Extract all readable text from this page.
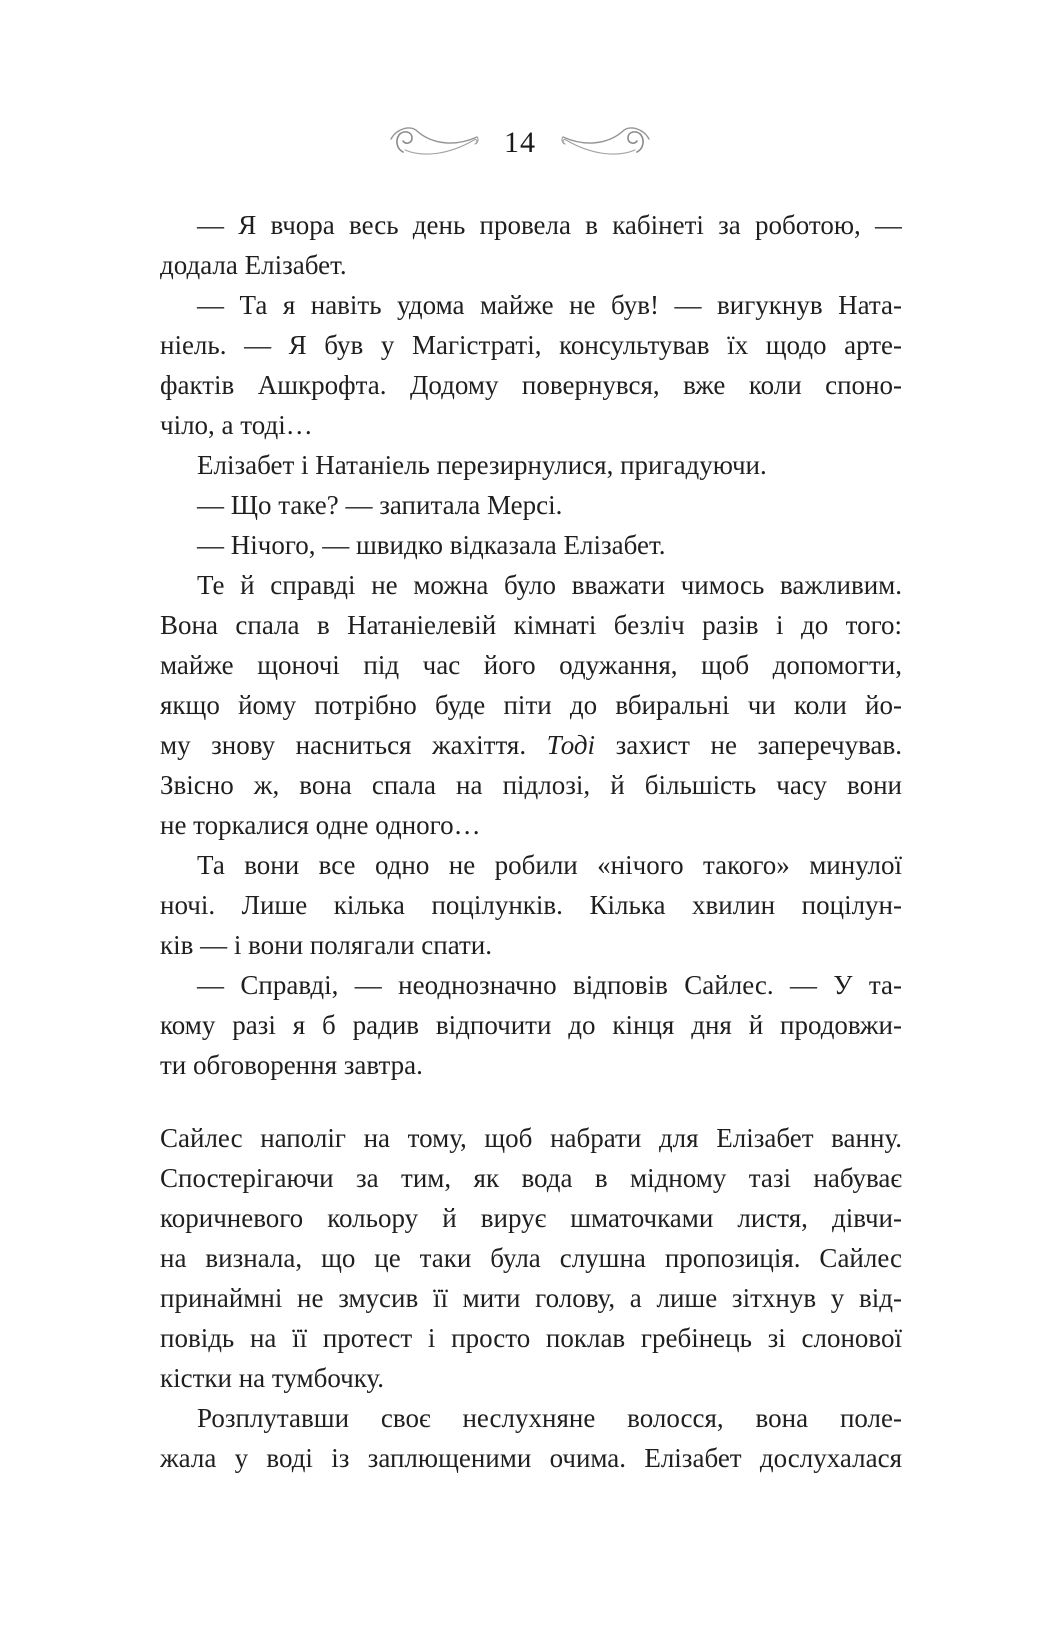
14
— Я вчора весь день провела в кабінеті за роботою, —
додала Елізабет.
— Та я навіть удома майже не був! — вигукнув Ната-
ніель. — Я був у Магістраті, консультував їх щодо арте-
фактів Ашкрофта. Додому повернувся, вже коли споно-
чіло, а тоді…
Елізабет і Натаніель перезирнулися, пригадуючи.
— Що таке? — запитала Мерсі.
— Нічого, — швидко відказала Елізабет.
Те й справді не можна було вважати чимось важливим.
Вона спала в Натаніелевій кімнаті безліч разів і до того:
майже щоночі під час його одужання, щоб допомогти,
якщо йому потрібно буде піти до вбиральні чи коли йо-
му знову насниться жахіття. Тоді захист не заперечував.
Звісно ж, вона спала на підлозі, й більшість часу вони
не торкалися одне одного…
Та вони все одно не робили «нічого такого» минулої
ночі. Лише кілька поцілунків. Кілька хвилин поцілун-
ків — і вони полягали спати.
— Справді, — неоднозначно відповів Сайлес. — У та-
кому разі я б радив відпочити до кінця дня й продовжи-
ти обговорення завтра.
Сайлес наполіг на тому, щоб набрати для Елізабет ванну.
Спостерігаючи за тим, як вода в мідному тазі набуває
коричневого кольору й вирує шматочками листя, дівчи-
на визнала, що це таки була слушна пропозиція. Сайлес
принаймні не змусив її мити голову, а лише зітхнув у від-
повідь на її протест і просто поклав гребінець зі слонової
кістки на тумбочку.
Розплутавши своє неслухняне волосся, вона поле-
жала у воді із заплющеними очима. Елізабет дослухалася
